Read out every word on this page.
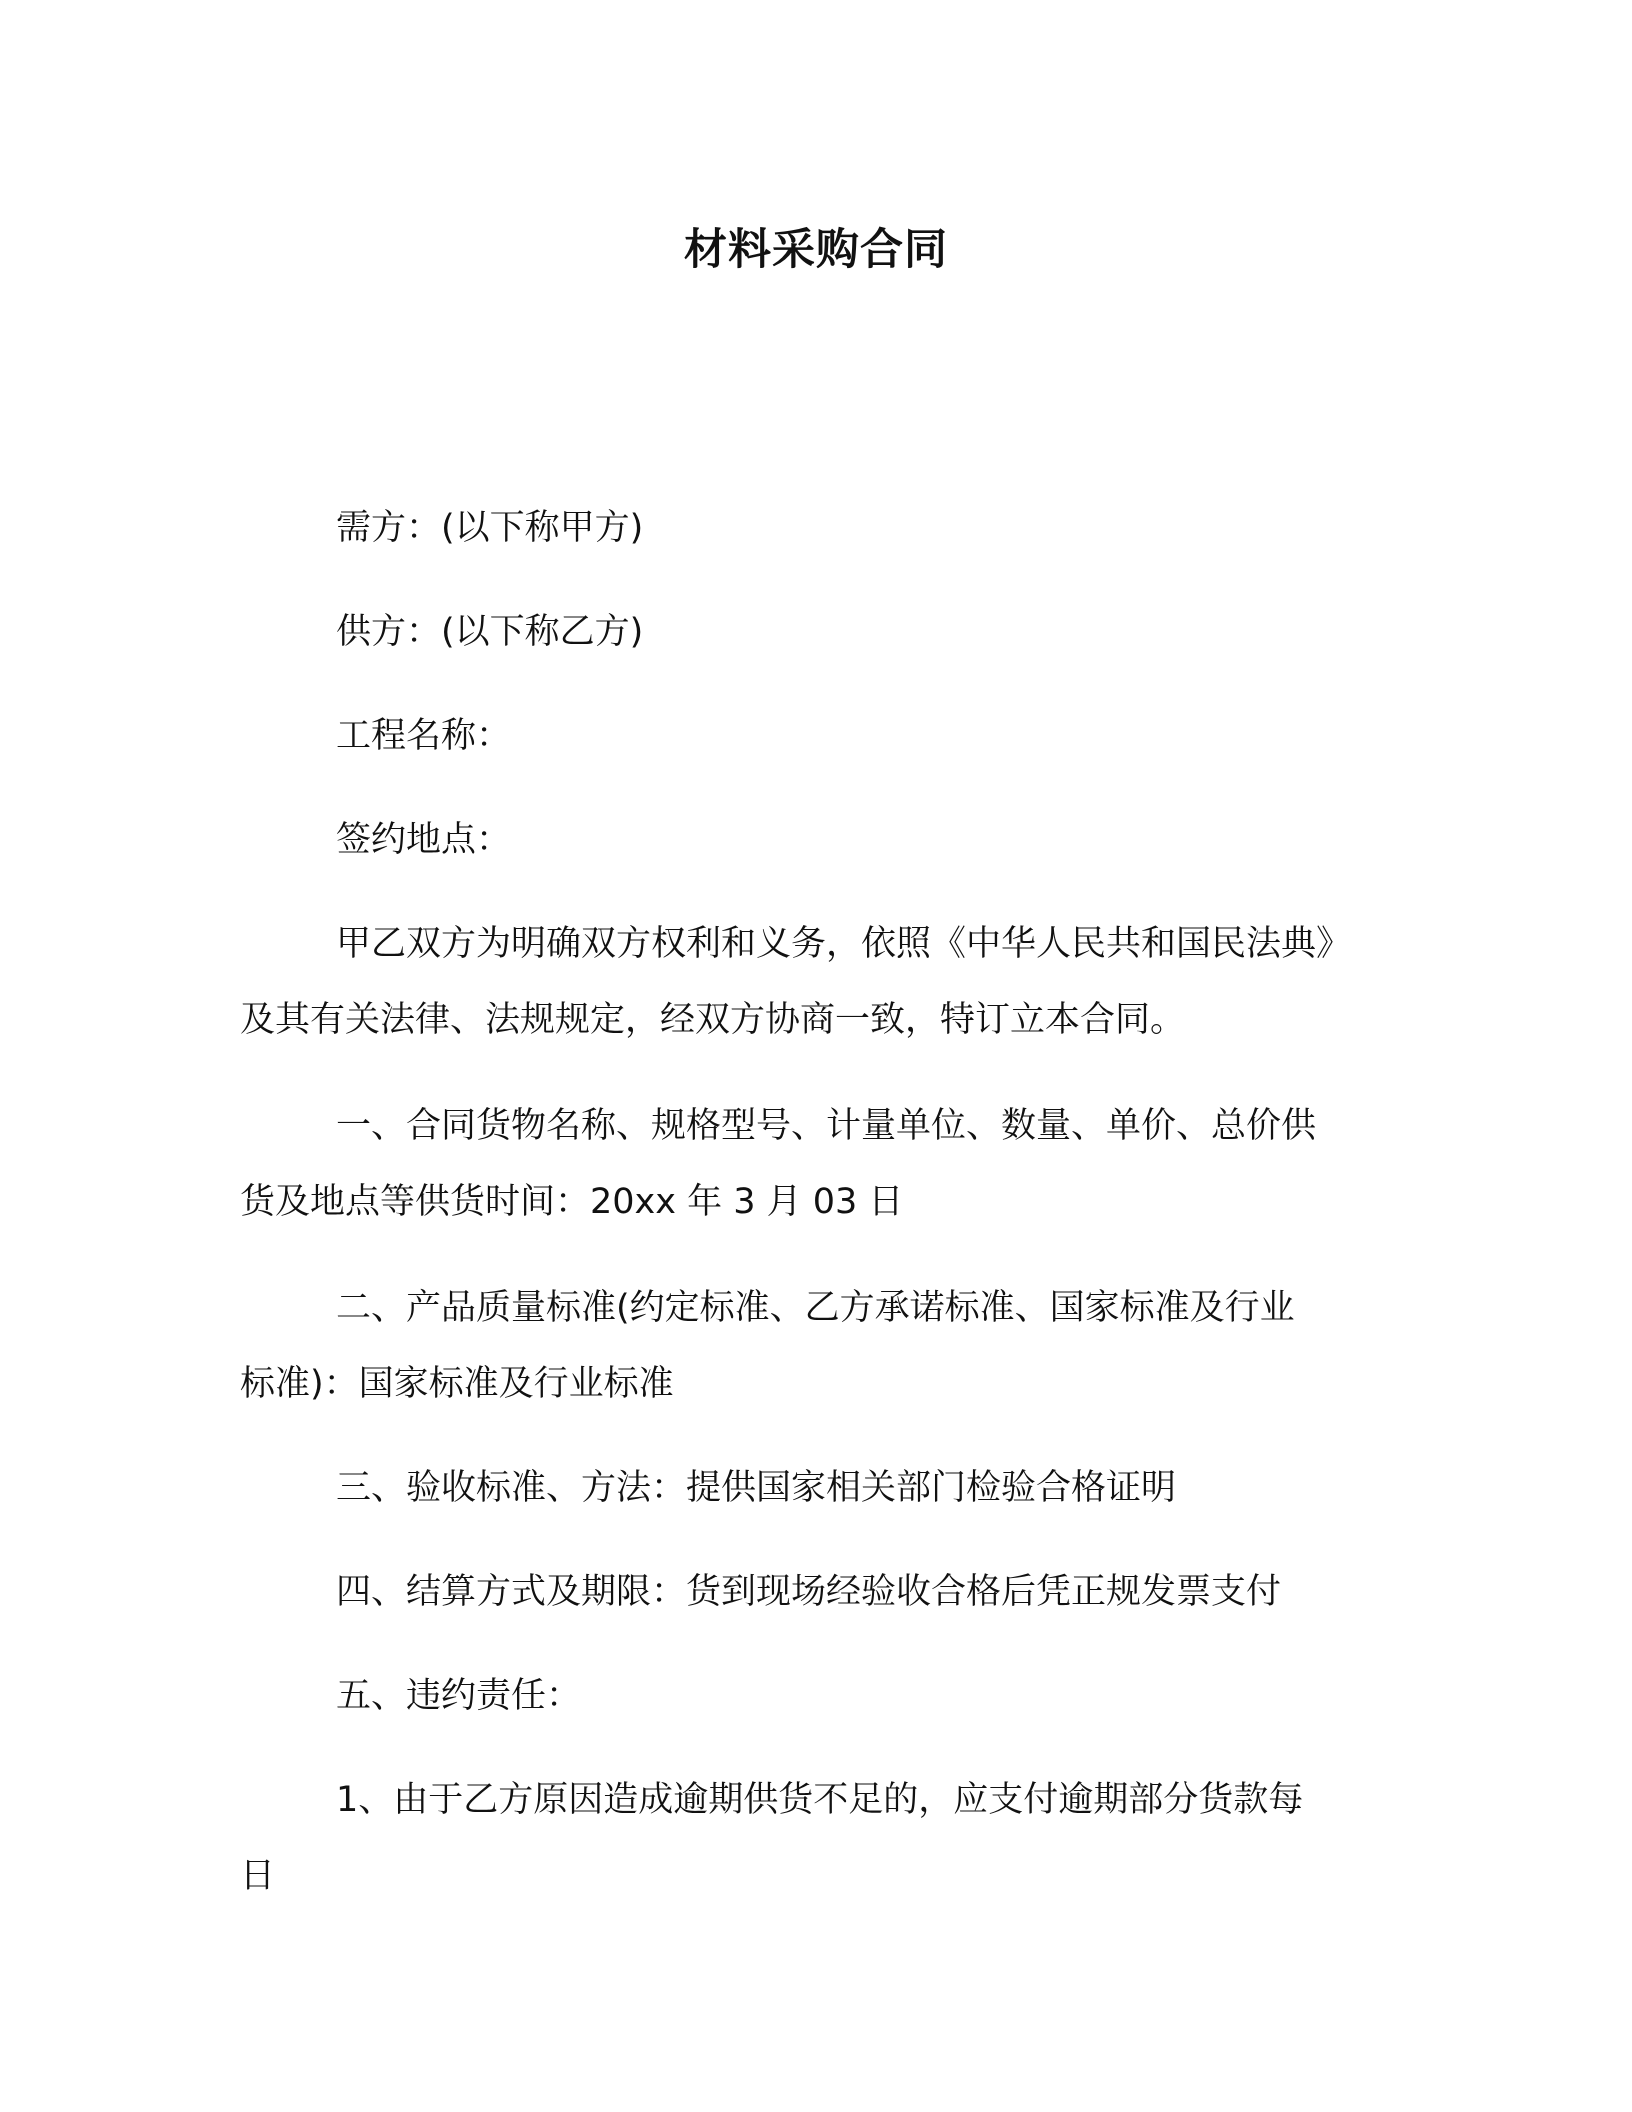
材料采购合同

需方：(以下称甲方)

供方：(以下称乙方)

工程名称：

签约地点：

甲乙双方为明确双方权利和义务，依照《中华人民共和国民法典》

及其有关法律、法规规定，经双方协商一致，特订立本合同。

一、合同货物名称、规格型号、计量单位、数量、单价、总价供

货及地点等供货时间：20xx 年 3 月 03 日

二、产品质量标准(约定标准、乙方承诺标准、国家标准及行业

标准)：国家标准及行业标准

三、验收标准、方法：提供国家相关部门检验合格证明

四、结算方式及期限：货到现场经验收合格后凭正规发票支付

五、违约责任：

1、由于乙方原因造成逾期供货不足的，应支付逾期部分货款每

日
